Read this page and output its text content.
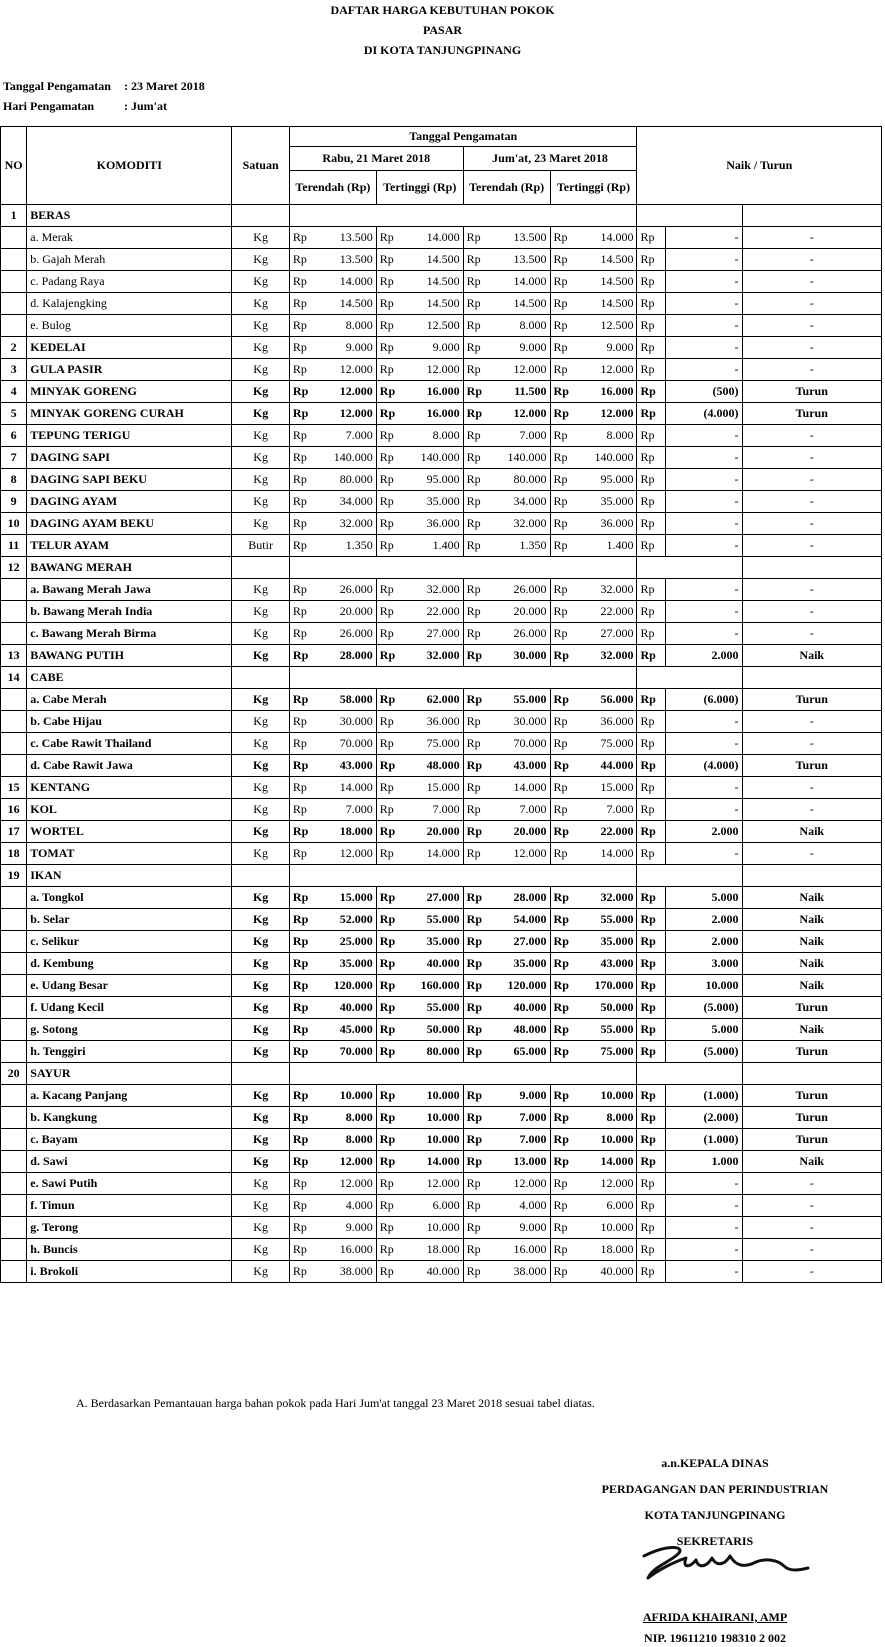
DAFTAR HARGA KEBUTUHAN POKOK
PASAR
DI KOTA TANJUNGPINANG
Tanggal Pengamatan : 23 Maret 2018
Hari Pengamatan	: Jum'at
NO	KOMODITI	Satuan	Tanggal Pengamatan								Naik / Turun		
			Rabu, 21 Maret 2018				Jum'at, 23 Maret 2018						
			Terendah (Rp)		Tertinggi (Rp)		Terendah (Rp)		Tertinggi (Rp)				
1	BERAS												
	a. Merak	Kg	Rp	13.500	Rp	14.000	Rp	13.500	Rp	14.000	Rp	-	-
	b. Gajah Merah	Kg	Rp	13.500	Rp	14.500	Rp	13.500	Rp	14.500	Rp	-	-
	c. Padang Raya	Kg	Rp	14.000	Rp	14.500	Rp	14.000	Rp	14.500	Rp	-	-
	d. Kalajengking	Kg	Rp	14.500	Rp	14.500	Rp	14.500	Rp	14.500	Rp	-	-
	e. Bulog	Kg	Rp	8.000	Rp	12.500	Rp	8.000	Rp	12.500	Rp	-	-
2	KEDELAI	Kg	Rp	9.000	Rp	9.000	Rp	9.000	Rp	9.000	Rp	-	-
3	GULA PASIR	Kg	Rp	12.000	Rp	12.000	Rp	12.000	Rp	12.000	Rp	-	-
4	MINYAK GORENG	Kg	Rp	12.000	Rp	16.000	Rp	11.500	Rp	16.000	Rp	(500)	Turun
5	MINYAK GORENG CURAH	Kg	Rp	12.000	Rp	16.000	Rp	12.000	Rp	12.000	Rp	(4.000)	Turun
6	TEPUNG TERIGU	Kg	Rp	7.000	Rp	8.000	Rp	7.000	Rp	8.000	Rp	-	-
7	DAGING SAPI	Kg	Rp	140.000	Rp	140.000	Rp	140.000	Rp	140.000	Rp	-	-
8	DAGING SAPI BEKU	Kg	Rp	80.000	Rp	95.000	Rp	80.000	Rp	95.000	Rp	-	-
9	DAGING AYAM	Kg	Rp	34.000	Rp	35.000	Rp	34.000	Rp	35.000	Rp	-	-
10	DAGING AYAM BEKU	Kg	Rp	32.000	Rp	36.000	Rp	32.000	Rp	36.000	Rp	-	-
11	TELUR AYAM	Butir	Rp	1.350	Rp	1.400	Rp	1.350	Rp	1.400	Rp	-	-
12	BAWANG MERAH												
	a. Bawang Merah Jawa	Kg	Rp	26.000	Rp	32.000	Rp	26.000	Rp	32.000	Rp	-	-
	b. Bawang Merah India	Kg	Rp	20.000	Rp	22.000	Rp	20.000	Rp	22.000	Rp	-	-
	c. Bawang Merah Birma	Kg	Rp	26.000	Rp	27.000	Rp	26.000	Rp	27.000	Rp	-	-
13	BAWANG PUTIH	Kg	Rp	28.000	Rp	32.000	Rp	30.000	Rp	32.000	Rp	2.000	Naik
14	CABE												
	a. Cabe Merah	Kg	Rp	58.000	Rp	62.000	Rp	55.000	Rp	56.000	Rp	(6.000)	Turun
	b. Cabe Hijau	Kg	Rp	30.000	Rp	36.000	Rp	30.000	Rp	36.000	Rp	-	-
	c. Cabe Rawit Thailand	Kg	Rp	70.000	Rp	75.000	Rp	70.000	Rp	75.000	Rp	-	-
	d. Cabe Rawit Jawa	Kg	Rp	43.000	Rp	48.000	Rp	43.000	Rp	44.000	Rp	(4.000)	Turun
15	KENTANG	Kg	Rp	14.000	Rp	15.000	Rp	14.000	Rp	15.000	Rp	-	-
16	KOL	Kg	Rp	7.000	Rp	7.000	Rp	7.000	Rp	7.000	Rp	-	-
17	WORTEL	Kg	Rp	18.000	Rp	20.000	Rp	20.000	Rp	22.000	Rp	2.000	Naik
18	TOMAT	Kg	Rp	12.000	Rp	14.000	Rp	12.000	Rp	14.000	Rp	-	-
19	IKAN												
	a. Tongkol	Kg	Rp	15.000	Rp	27.000	Rp	28.000	Rp	32.000	Rp	5.000	Naik
	b. Selar	Kg	Rp	52.000	Rp	55.000	Rp	54.000	Rp	55.000	Rp	2.000	Naik
	c. Selikur	Kg	Rp	25.000	Rp	35.000	Rp	27.000	Rp	35.000	Rp	2.000	Naik
	d. Kembung	Kg	Rp	35.000	Rp	40.000	Rp	35.000	Rp	43.000	Rp	3.000	Naik
	e. Udang Besar	Kg	Rp	120.000	Rp	160.000	Rp	120.000	Rp	170.000	Rp	10.000	Naik
	f. Udang Kecil	Kg	Rp	40.000	Rp	55.000	Rp	40.000	Rp	50.000	Rp	(5.000)	Turun
	g. Sotong	Kg	Rp	45.000	Rp	50.000	Rp	48.000	Rp	55.000	Rp	5.000	Naik
	h. Tenggiri	Kg	Rp	70.000	Rp	80.000	Rp	65.000	Rp	75.000	Rp	(5.000)	Turun
20	SAYUR												
	a. Kacang Panjang	Kg	Rp	10.000	Rp	10.000	Rp	9.000	Rp	10.000	Rp	(1.000)	Turun
	b. Kangkung	Kg	Rp	8.000	Rp	10.000	Rp	7.000	Rp	8.000	Rp	(2.000)	Turun
	c. Bayam	Kg	Rp	8.000	Rp	10.000	Rp	7.000	Rp	10.000	Rp	(1.000)	Turun
	d. Sawi	Kg	Rp	12.000	Rp	14.000	Rp	13.000	Rp	14.000	Rp	1.000	Naik
	e. Sawi Putih	Kg	Rp	12.000	Rp	12.000	Rp	12.000	Rp	12.000	Rp	-	-
	f. Timun	Kg	Rp	4.000	Rp	6.000	Rp	4.000	Rp	6.000	Rp	-	-
	g. Terong	Kg	Rp	9.000	Rp	10.000	Rp	9.000	Rp	10.000	Rp	-	-
	h. Buncis	Kg	Rp	16.000	Rp	18.000	Rp	16.000	Rp	18.000	Rp	-	-
	i. Brokoli	Kg	Rp	38.000	Rp	40.000	Rp	38.000	Rp	40.000	Rp	-	-
A. Berdasarkan Pemantauan harga bahan pokok pada Hari Jum'at tanggal 23 Maret 2018 sesuai tabel diatas.
a.n.KEPALA DINAS
PERDAGANGAN DAN PERINDUSTRIAN
KOTA TANJUNGPINANG
SEKRETARIS
AFRIDA KHAIRANI, AMP
NIP. 19611210 198310 2 002
